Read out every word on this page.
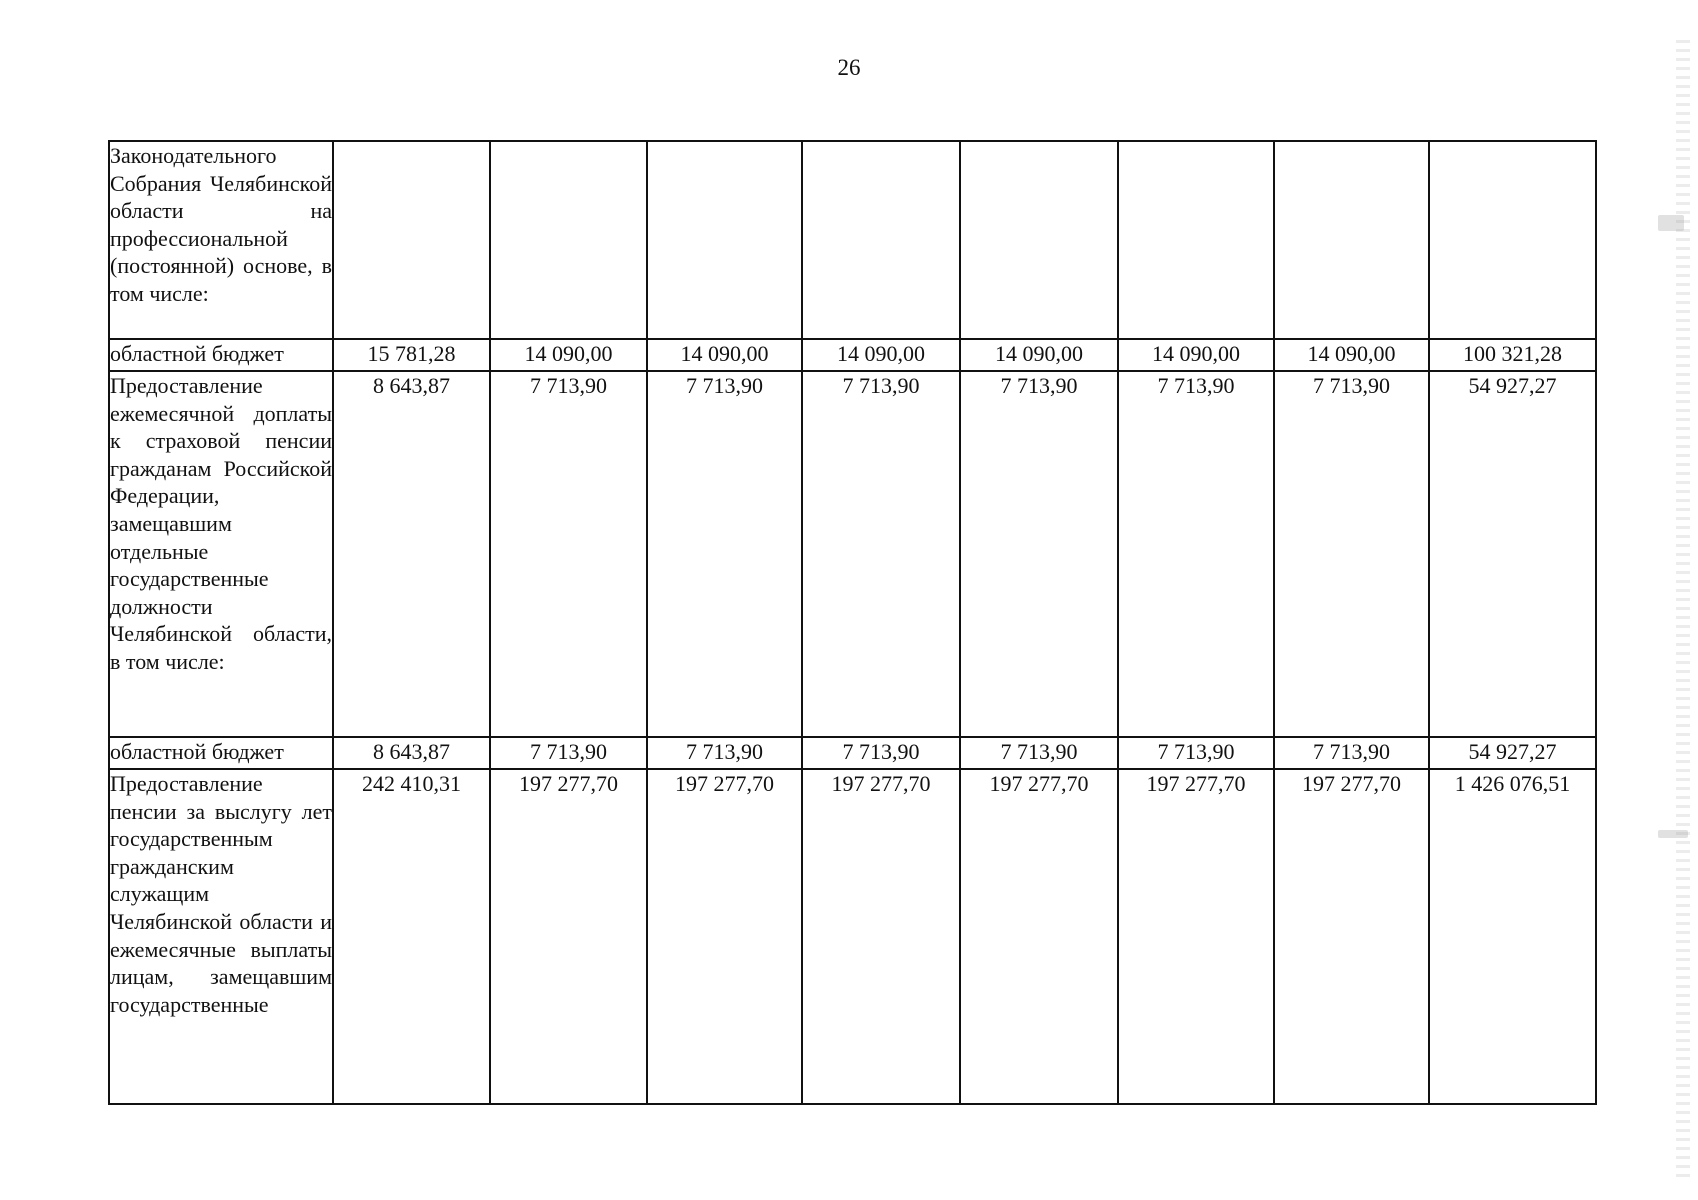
26
Законодательного Собрания Челябинской области на профессиональной (постоянной) основе, в том числе:								

областной бюджет	15 781,28	14 090,00	14 090,00	14 090,00	14 090,00	14 090,00	14 090,00	100 321,28

Предоставление ежемесячной доплаты к страховой пенсии гражданам Российской Федерации, замещавшим отдельные государственные должности Челябинской области, в том числе:	8 643,87	7 713,90	7 713,90	7 713,90	7 713,90	7 713,90	7 713,90	54 927,27

областной бюджет	8 643,87	7 713,90	7 713,90	7 713,90	7 713,90	7 713,90	7 713,90	54 927,27

Предоставление пенсии за выслугу лет государственным гражданским служащим Челябинской области и ежемесячные выплаты лицам, замещавшим государственные	242 410,31	197 277,70	197 277,70	197 277,70	197 277,70	197 277,70	197 277,70	1 426 076,51
